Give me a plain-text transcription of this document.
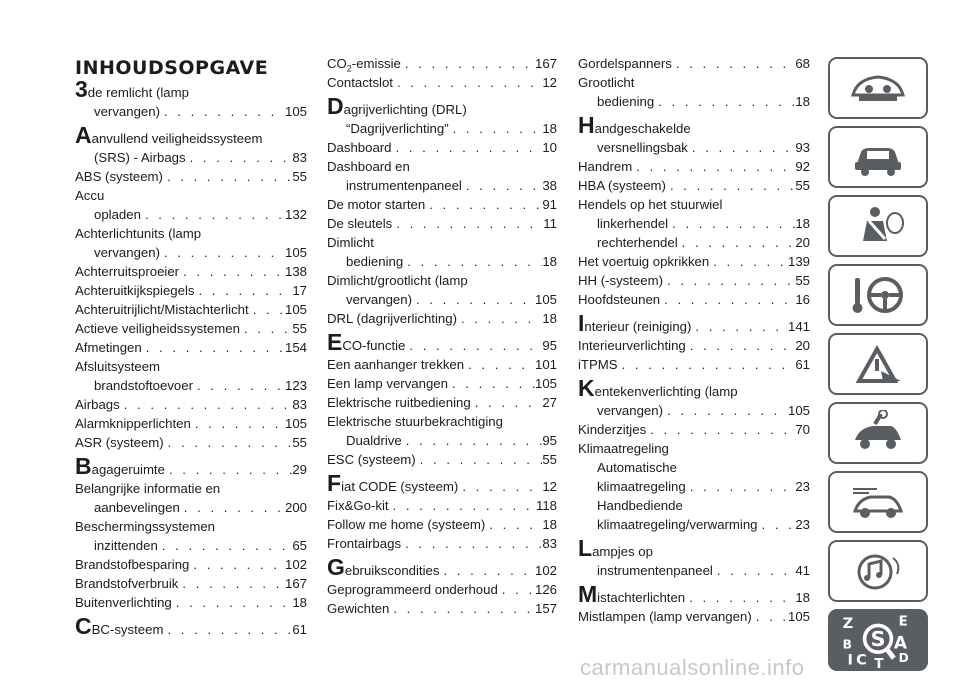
INHOUDSOPGAVE
3de remlicht (lamp
vervangen) . . .	105
Aanvullend veiligheidssysteem
(SRS) - Airbags . . .	83
ABS (systeem) . . .	55
Accu
opladen . . .	132
Achterlichtunits (lamp
vervangen) . . .	105
Achterruitsproeier . . .	138
Achteruitkijkspiegels . . .	17
Achteruitrijlicht/Mistachterlicht . . .	105
Actieve veiligheidssystemen . . .	55
Afmetingen . . .	154
Afsluitsysteem
brandstoftoevoer . . .	123
Airbags . . .	83
Alarmknipperlichten . . .	105
ASR (systeem) . . .	55
Bagageruimte . . .	29
Belangrijke informatie en
aanbevelingen . . .	200
Beschermingssystemen
inzittenden . . .	65
Brandstofbesparing . . .	102
Brandstofverbruik . . .	167
Buitenverlichting . . .	18
CBC-systeem . . .	61
$CO_2$-emissie . . .	167
Contactslot . . .	12
Dagrijverlichting (DRL)
“Dagrijverlichting” . . .	18
Dashboard . . .	10
Dashboard en
instrumentenpaneel . . .	38
De motor starten . . .	91
De sleutels . . .	11
Dimlicht
bediening . . .	18
Dimlicht/grootlicht (lamp
vervangen) . . .	105
DRL (dagrijverlichting) . . .	18
ECO-functie . . .	95
Een aanhanger trekken . . .	101
Een lamp vervangen . . .	105
Elektrische ruitbediening . . .	27
Elektrische stuurbekrachtiging
Dualdrive . . .	95
ESC (systeem) . . .	55
Fiat CODE (systeem) . . .	12
Fix&Go-kit . . .	118
Follow me home (systeem) . . .	18
Frontairbags . . .	83
Gebruikscondities . . .	102
Geprogrammeerd onderhoud . . .	126
Gewichten . . .	157
Gordelspanners . . .	68
Grootlicht
bediening . . .	18
Handgeschakelde
versnellingsbak . . .	93
Handrem . . .	92
HBA (systeem) . . .	55
Hendels op het stuurwiel
linkerhendel . . .	18
rechterhendel . . .	20
Het voertuig opkrikken . . .	139
HH (-systeem) . . .	55
Hoofdsteunen . . .	16
Interieur (reiniging) . . .	141
Interieurverlichting . . .	20
iTPMS . . .	61
Kentekenverlichting (lamp
vervangen) . . .	105
Kinderzitjes . . .	70
Klimaatregeling
Automatische
klimaatregeling . . .	23
Handbediende
klimaatregeling/verwarming . . .	23
Lampjes op
instrumentenpaneel . . .	41
Mistachterlichten . . .	18
Mistlampen (lamp vervangen) . . .	105	Z	E
B	A
I C T D
S
carmanualsonline.info
